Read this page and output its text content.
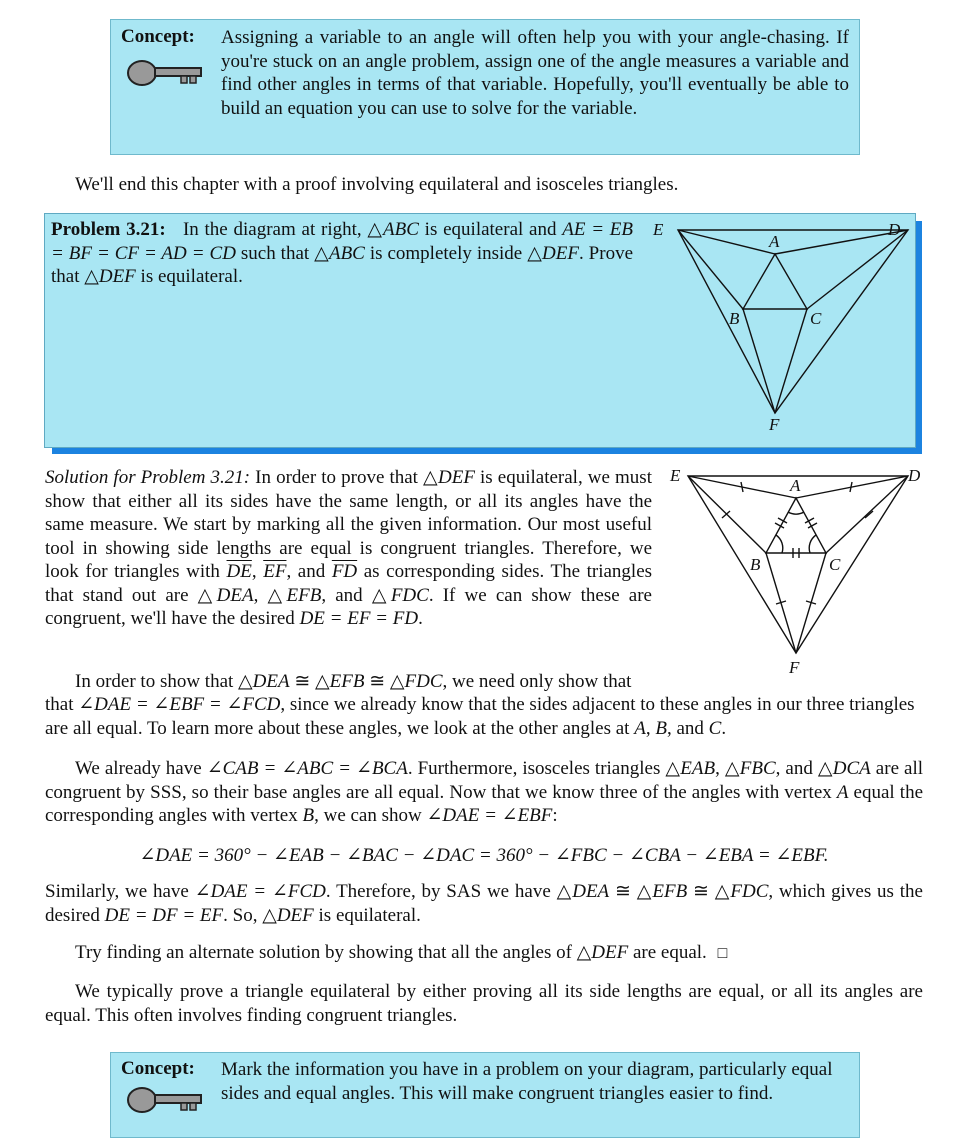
Concept: Assigning a variable to an angle will often help you with your angle-chasing. If you're stuck on an angle problem, assign one of the angle measures a variable and find other angles in terms of that variable. Hopefully, you'll eventually be able to build an equation you can use to solve for the variable.
We'll end this chapter with a proof involving equilateral and isosceles triangles.
Problem 3.21: In the diagram at right, △ABC is equilateral and AE = EB = BF = CF = AD = CD such that △ABC is completely inside △DEF. Prove that △DEF is equilateral.
E	D
A
B	C
F
Solution for Problem 3.21: In order to prove that △DEF is equilateral, we must show that either all its sides have the same length, or all its angles have the same measure. We start by marking all the given information. Our most useful tool in showing side lengths are equal is congruent triangles. Therefore, we look for triangles with $\overline{DE}$, $\overline{EF}$, and $\overline{FD}$ as corresponding sides. The triangles that stand out are △DEA, △EFB, and △FDC. If we can show these are congruent, we'll have the desired DE = EF = FD.
E	D
A
B	C
F
In order to show that △DEA ≅ △EFB ≅ △FDC, we need only show that
that ∠DAE = ∠EBF = ∠FCD, since we already know that the sides adjacent to these angles in our three triangles are all equal. To learn more about these angles, we look at the other angles at A, B, and C.
We already have ∠CAB = ∠ABC = ∠BCA. Furthermore, isosceles triangles △EAB, △FBC, and △DCA are all congruent by SSS, so their base angles are all equal. Now that we know three of the angles with vertex A equal the corresponding angles with vertex B, we can show ∠DAE = ∠EBF:
∠DAE = 360° − ∠EAB − ∠BAC − ∠DAC = 360° − ∠FBC − ∠CBA − ∠EBA = ∠EBF.
Similarly, we have ∠DAE = ∠FCD. Therefore, by SAS we have △DEA ≅ △EFB ≅ △FDC, which gives us the desired DE = DF = EF. So, △DEF is equilateral.
Try finding an alternate solution by showing that all the angles of △DEF are equal. □
We typically prove a triangle equilateral by either proving all its side lengths are equal, or all its angles are equal. This often involves finding congruent triangles.
Concept: Mark the information you have in a problem on your diagram, particularly equal sides and equal angles. This will make congruent triangles easier to find.
